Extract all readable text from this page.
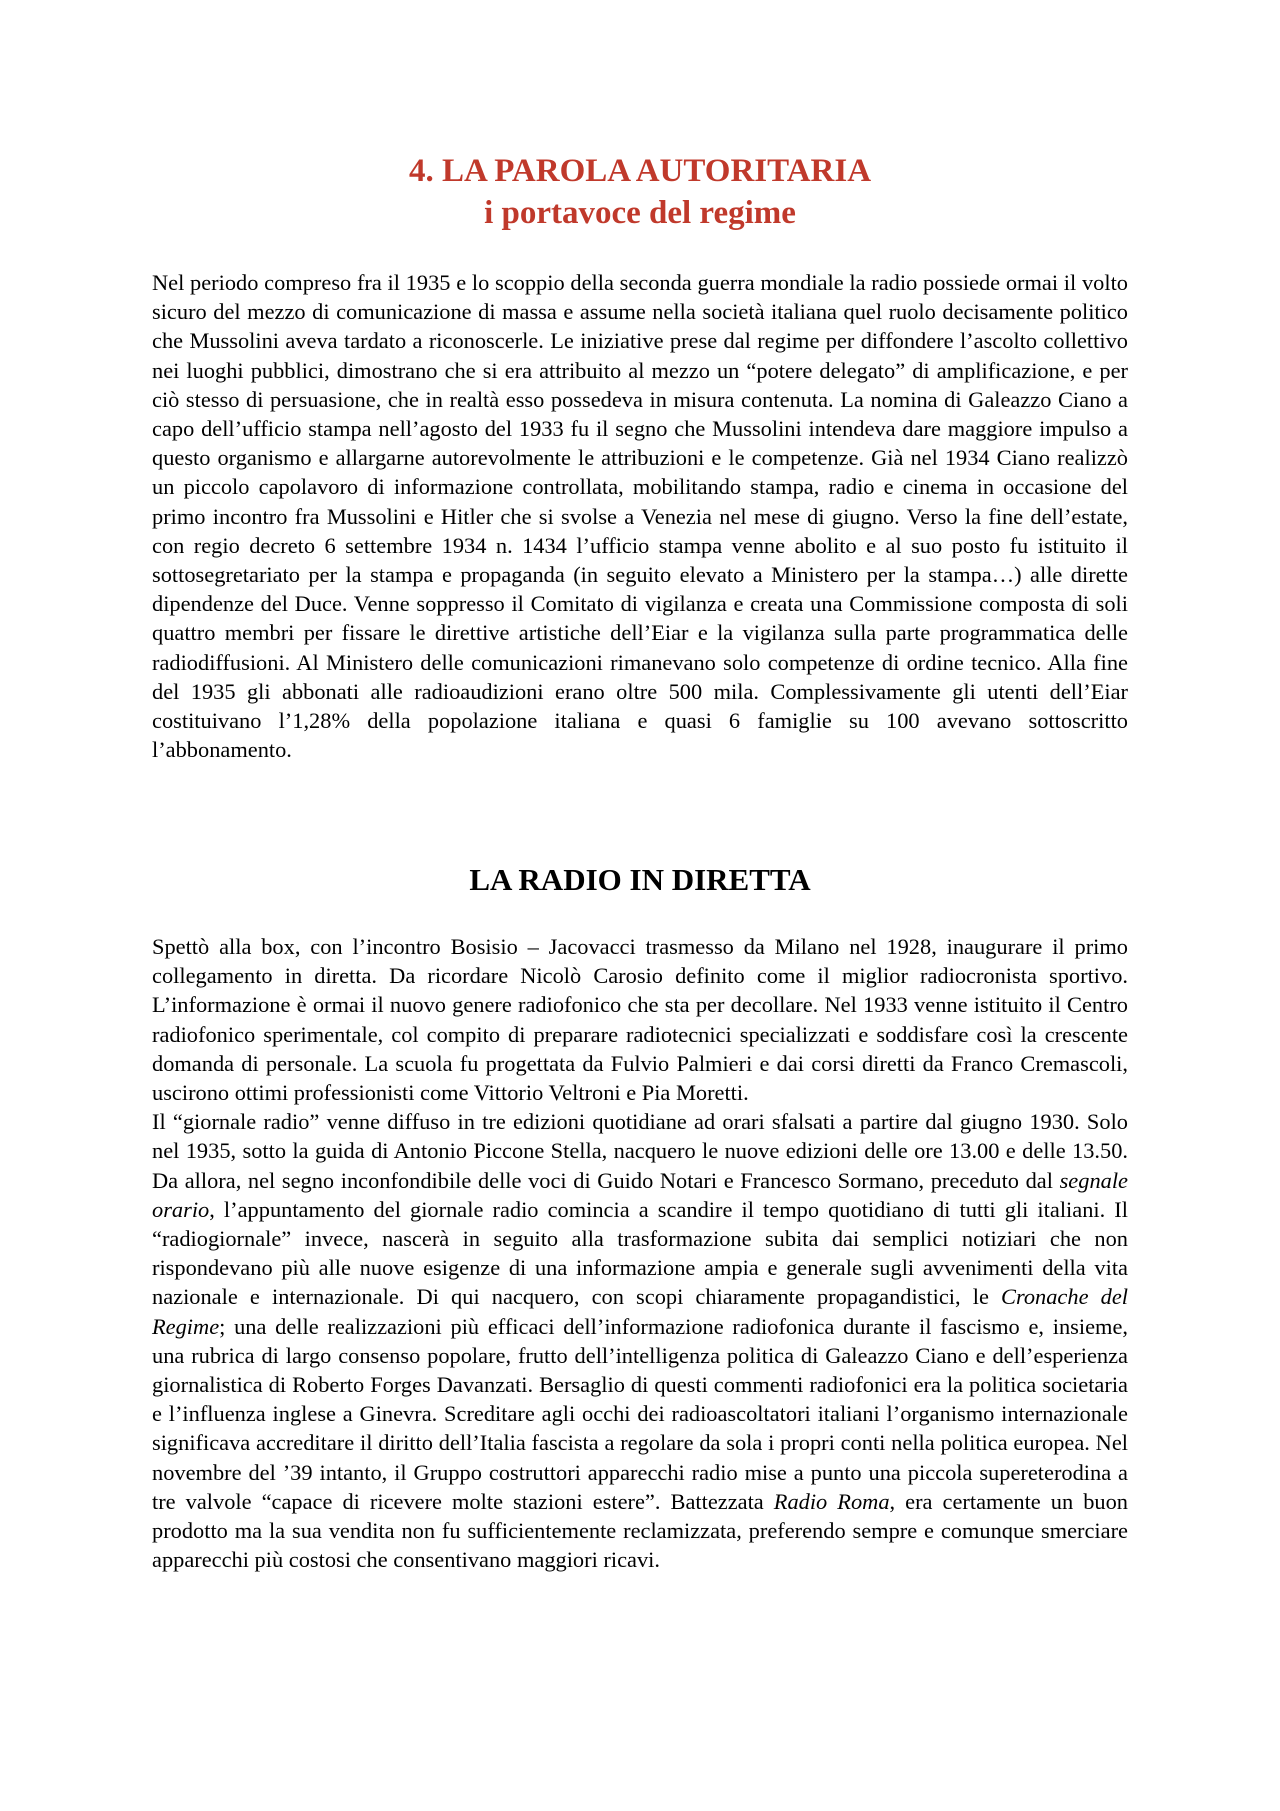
4. LA PAROLA AUTORITARIA
i portavoce del regime

Nel periodo compreso fra il 1935 e lo scoppio della seconda guerra mondiale la radio possiede ormai il volto sicuro del mezzo di comunicazione di massa e assume nella società italiana quel ruolo decisamente politico che Mussolini aveva tardato a riconoscerle. Le iniziative prese dal regime per diffondere l’ascolto collettivo nei luoghi pubblici, dimostrano che si era attribuito al mezzo un “potere delegato” di amplificazione, e per ciò stesso di persuasione, che in realtà esso possedeva in misura contenuta. La nomina di Galeazzo Ciano a capo dell’ufficio stampa nell’agosto del 1933 fu il segno che Mussolini intendeva dare maggiore impulso a questo organismo e allargarne autorevolmente le attribuzioni e le competenze. Già nel 1934 Ciano realizzò un piccolo capolavoro di informazione controllata, mobilitando stampa, radio e cinema in occasione del primo incontro fra Mussolini e Hitler che si svolse a Venezia nel mese di giugno. Verso la fine dell’estate, con regio decreto 6 settembre 1934 n. 1434 l’ufficio stampa venne abolito e al suo posto fu istituito il sottosegretariato per la stampa e propaganda (in seguito elevato a Ministero per la stampa…) alle dirette dipendenze del Duce. Venne soppresso il Comitato di vigilanza e creata una Commissione composta di soli quattro membri per fissare le direttive artistiche dell’Eiar e la vigilanza sulla parte programmatica delle radiodiffusioni. Al Ministero delle comunicazioni rimanevano solo competenze di ordine tecnico. Alla fine del 1935 gli abbonati alle radioaudizioni erano oltre 500 mila. Complessivamente gli utenti dell’Eiar costituivano l’1,28% della popolazione italiana e quasi 6 famiglie su 100 avevano sottoscritto l’abbonamento.

LA RADIO IN DIRETTA

Spettò alla box, con l’incontro Bosisio – Jacovacci trasmesso da Milano nel 1928, inaugurare il primo collegamento in diretta. Da ricordare Nicolò Carosio definito come il miglior radiocronista sportivo. L’informazione è ormai il nuovo genere radiofonico che sta per decollare. Nel 1933 venne istituito il Centro radiofonico sperimentale, col compito di preparare radiotecnici specializzati e soddisfare così la crescente domanda di personale. La scuola fu progettata da Fulvio Palmieri e dai corsi diretti da Franco Cremascoli, uscirono ottimi professionisti come Vittorio Veltroni e Pia Moretti.

Il “giornale radio” venne diffuso in tre edizioni quotidiane ad orari sfalsati a partire dal giugno 1930. Solo nel 1935, sotto la guida di Antonio Piccone Stella, nacquero le nuove edizioni delle ore 13.00 e delle 13.50. Da allora, nel segno inconfondibile delle voci di Guido Notari e Francesco Sormano, preceduto dal segnale orario, l’appuntamento del giornale radio comincia a scandire il tempo quotidiano di tutti gli italiani. Il “radiogiornale” invece, nascerà in seguito alla trasformazione subita dai semplici notiziari che non rispondevano più alle nuove esigenze di una informazione ampia e generale sugli avvenimenti della vita nazionale e internazionale. Di qui nacquero, con scopi chiaramente propagandistici, le Cronache del Regime; una delle realizzazioni più efficaci dell’informazione radiofonica durante il fascismo e, insieme, una rubrica di largo consenso popolare, frutto dell’intelligenza politica di Galeazzo Ciano e dell’esperienza giornalistica di Roberto Forges Davanzati. Bersaglio di questi commenti radiofonici era la politica societaria e l’influenza inglese a Ginevra. Screditare agli occhi dei radioascoltatori italiani l’organismo internazionale significava accreditare il diritto dell’Italia fascista a regolare da sola i propri conti nella politica europea. Nel novembre del ’39 intanto, il Gruppo costruttori apparecchi radio mise a punto una piccola supereterodina a tre valvole “capace di ricevere molte stazioni estere”. Battezzata Radio Roma, era certamente un buon prodotto ma la sua vendita non fu sufficientemente reclamizzata, preferendo sempre e comunque smerciare apparecchi più costosi che consentivano maggiori ricavi.
